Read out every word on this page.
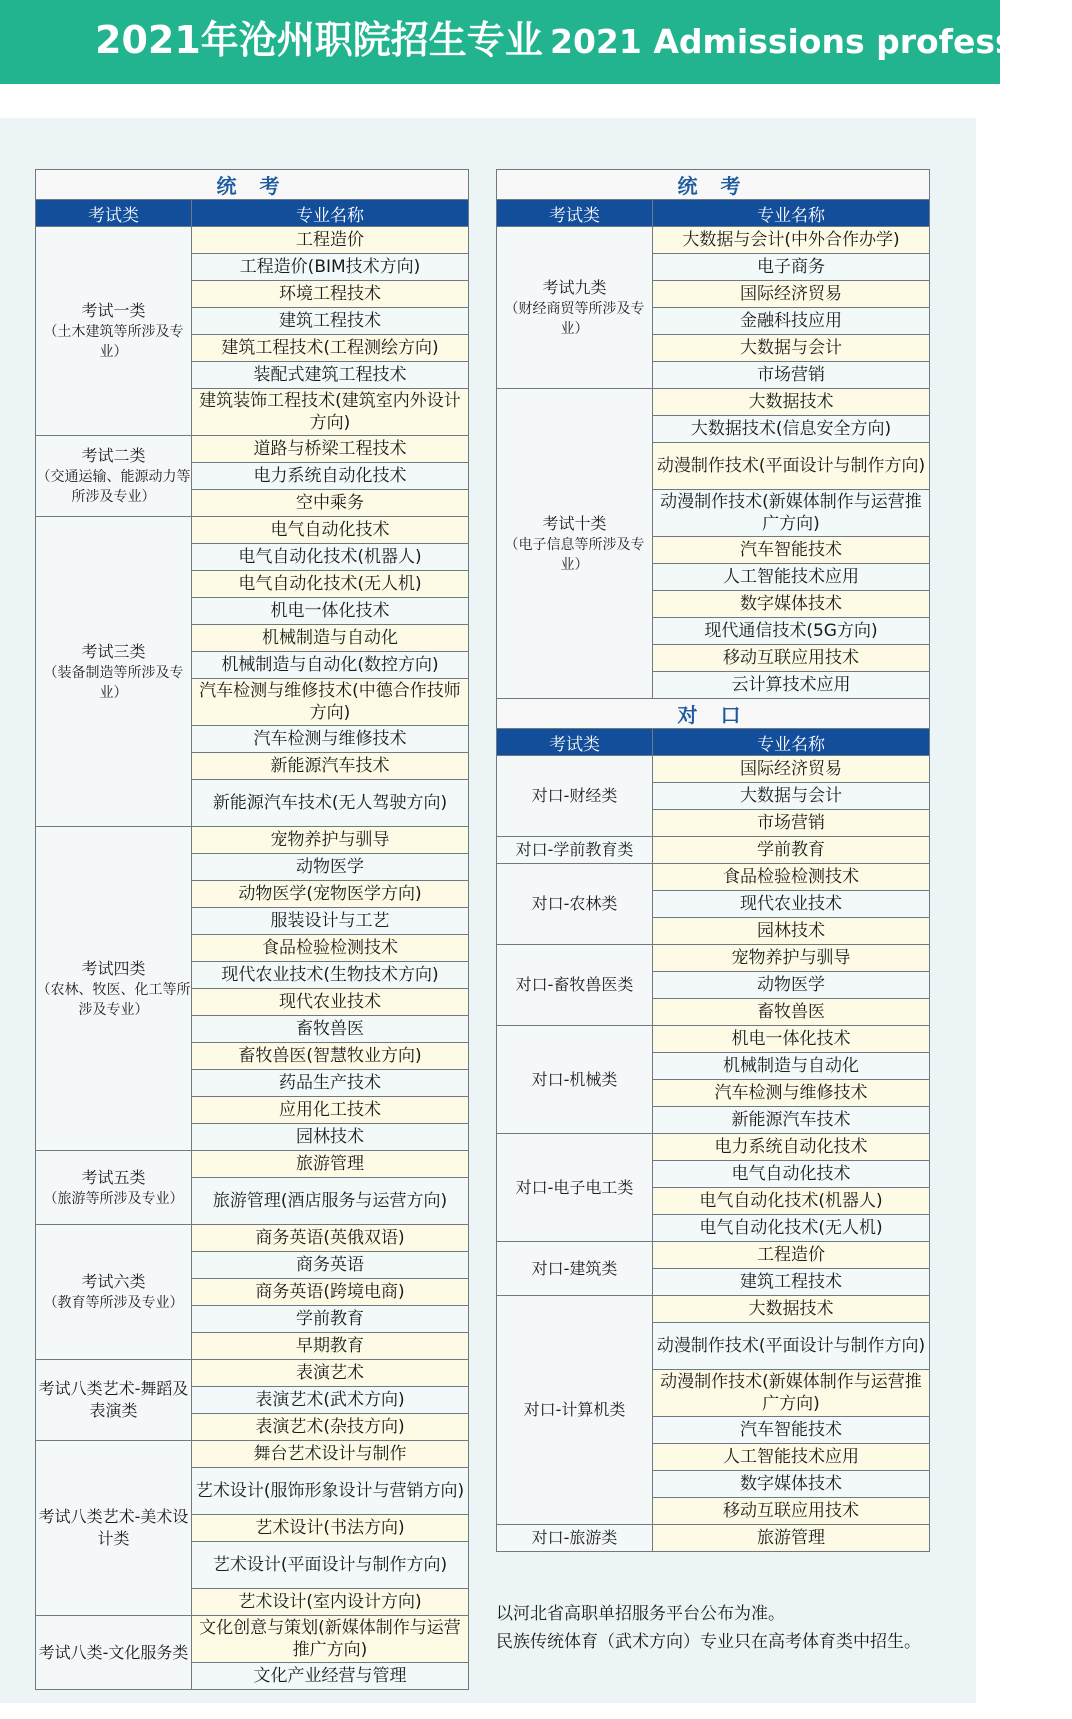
2021年沧州职院招生专业 2021 Admissions profession
统 考	
考试类	专业名称

考试一类
（土木建筑等所涉及专业）	工程造价
	工程造价(BIM技术方向)
	环境工程技术
	建筑工程技术
	建筑工程技术(工程测绘方向)
	装配式建筑工程技术
	建筑装饰工程技术(建筑室内外设计方向)

考试二类
（交通运输、能源动力等所涉及专业）	道路与桥梁工程技术
	电力系统自动化技术
	空中乘务

考试三类
（装备制造等所涉及专业）	电气自动化技术
	电气自动化技术(机器人)
	电气自动化技术(无人机)
	机电一体化技术
	机械制造与自动化
	机械制造与自动化(数控方向)
	汽车检测与维修技术(中德合作技师方向)
	汽车检测与维修技术
	新能源汽车技术
	新能源汽车技术(无人驾驶方向)

考试四类
（农林、牧医、化工等所涉及专业）	宠物养护与驯导
	动物医学
	动物医学(宠物医学方向)
	服装设计与工艺
	食品检验检测技术
	现代农业技术(生物技术方向)
	现代农业技术
	畜牧兽医
	畜牧兽医(智慧牧业方向)
	药品生产技术
	应用化工技术
	园林技术

考试五类
（旅游等所涉及专业）	旅游管理
	旅游管理(酒店服务与运营方向)

考试六类
（教育等所涉及专业）	商务英语(英俄双语)
	商务英语
	商务英语(跨境电商)
	学前教育
	早期教育

考试八类艺术-舞蹈及表演类	表演艺术
	表演艺术(武术方向)
	表演艺术(杂技方向)

考试八类艺术-美术设计类	舞台艺术设计与制作
	艺术设计(服饰形象设计与营销方向)
	艺术设计(书法方向)
	艺术设计(平面设计与制作方向)
	艺术设计(室内设计方向)

考试八类-文化服务类	文化创意与策划(新媒体制作与运营推广方向)
	文化产业经营与管理
统 考	
考试类	专业名称

考试九类
（财经商贸等所涉及专业）	大数据与会计(中外合作办学)
	电子商务
	国际经济贸易
	金融科技应用
	大数据与会计
	市场营销

考试十类
（电子信息等所涉及专业）	大数据技术
	大数据技术(信息安全方向)
	动漫制作技术(平面设计与制作方向)
	动漫制作技术(新媒体制作与运营推广方向)
	汽车智能技术
	人工智能技术应用
	数字媒体技术
	现代通信技术(5G方向)
	移动互联应用技术
	云计算技术应用
对 口	
考试类	专业名称

对口-财经类	国际经济贸易
	大数据与会计
	市场营销

对口-学前教育类	学前教育

对口-农林类	食品检验检测技术
	现代农业技术
	园林技术

对口-畜牧兽医类	宠物养护与驯导
	动物医学
	畜牧兽医

对口-机械类	机电一体化技术
	机械制造与自动化
	汽车检测与维修技术
	新能源汽车技术

对口-电子电工类	电力系统自动化技术
	电气自动化技术
	电气自动化技术(机器人)
	电气自动化技术(无人机)

对口-建筑类	工程造价
	建筑工程技术

对口-计算机类	大数据技术
	动漫制作技术(平面设计与制作方向)
	动漫制作技术(新媒体制作与运营推广方向)
	汽车智能技术
	人工智能技术应用
	数字媒体技术
	移动互联应用技术

对口-旅游类	旅游管理
以河北省高职单招服务平台公布为准。
民族传统体育（武术方向）专业只在高考体育类中招生。
